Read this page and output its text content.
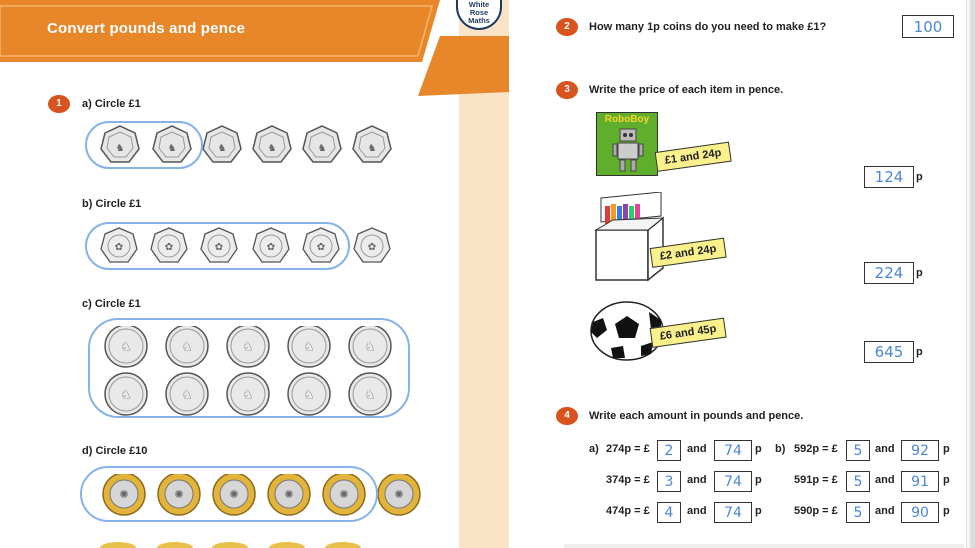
Convert pounds and pence
1	a) Circle £1
♞	♞	♞	♞	♞	♞
b) Circle £1
✿	✿	✿	✿	✿	✿
c) Circle £1
♘	♘	♘	♘	♘
♘	♘	♘	♘	♘
d) Circle £10
✺	✺	✺	✺	✺	✺
White
Rose
Maths
2	How many 1p coins do you need to make £1?	100
3	Write the price of each item in pence.
RoboBoy
£1 and 24p
124	p
£2 and 24p
224	p
£6 and 45p
645	p
4	Write each amount in pounds and pence.
a)	b)
274p = £	2	and	74	p
374p = £	3	and	74	p
474p = £	4	and	74	p
592p = £	5	and	92	p
591p = £	5	and	91	p
590p = £	5	and	90	p
